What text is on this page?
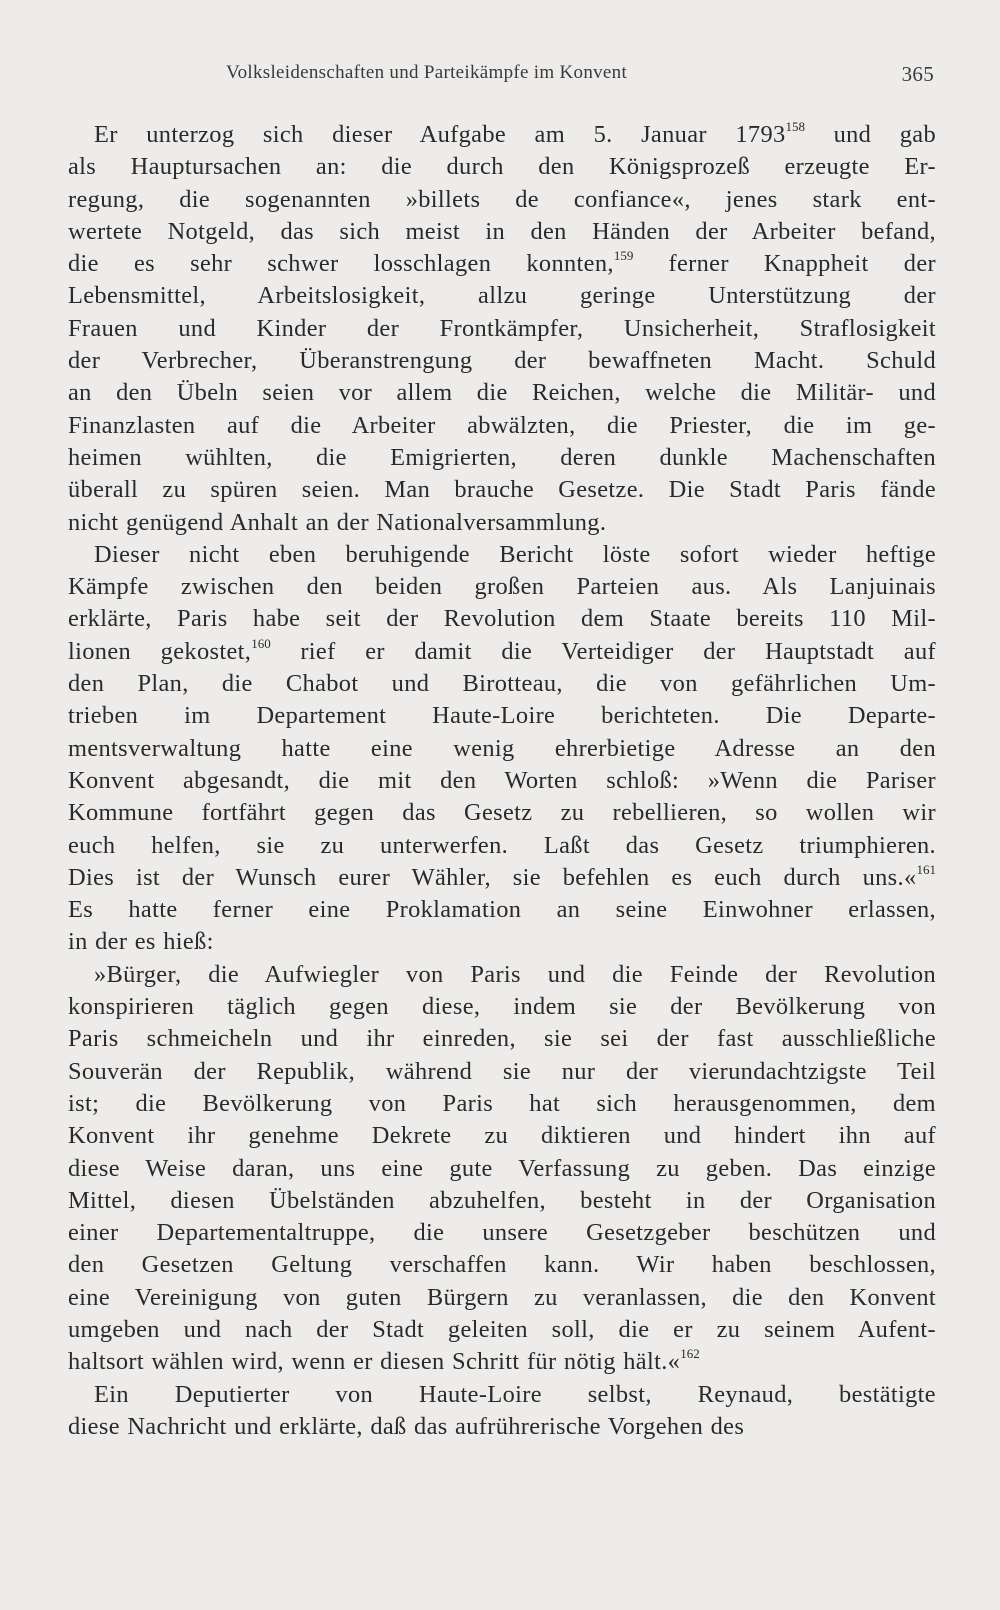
Volksleidenschaften und Parteikämpfe im Konvent	365
Er unterzog sich dieser Aufgabe am 5. Januar 1793$^{158}$ und gab
als Hauptursachen an: die durch den Königsprozeß erzeugte Er-
regung, die sogenannten »billets de confiance«, jenes stark ent-
wertete Notgeld, das sich meist in den Händen der Arbeiter befand,
die es sehr schwer losschlagen konnten,$^{159}$ ferner Knappheit der
Lebensmittel, Arbeitslosigkeit, allzu geringe Unterstützung der
Frauen und Kinder der Frontkämpfer, Unsicherheit, Straflosigkeit
der Verbrecher, Überanstrengung der bewaffneten Macht. Schuld
an den Übeln seien vor allem die Reichen, welche die Militär- und
Finanzlasten auf die Arbeiter abwälzten, die Priester, die im ge-
heimen wühlten, die Emigrierten, deren dunkle Machenschaften
überall zu spüren seien. Man brauche Gesetze. Die Stadt Paris fände
nicht genügend Anhalt an der Nationalversammlung.
Dieser nicht eben beruhigende Bericht löste sofort wieder heftige
Kämpfe zwischen den beiden großen Parteien aus. Als Lanjuinais
erklärte, Paris habe seit der Revolution dem Staate bereits 110 Mil-
lionen gekostet,$^{160}$ rief er damit die Verteidiger der Hauptstadt auf
den Plan, die Chabot und Birotteau, die von gefährlichen Um-
trieben im Departement Haute-Loire berichteten. Die Departe-
mentsverwaltung hatte eine wenig ehrerbietige Adresse an den
Konvent abgesandt, die mit den Worten schloß: »Wenn die Pariser
Kommune fortfährt gegen das Gesetz zu rebellieren, so wollen wir
euch helfen, sie zu unterwerfen. Laßt das Gesetz triumphieren.
Dies ist der Wunsch eurer Wähler, sie befehlen es euch durch uns.«$^{161}$
Es hatte ferner eine Proklamation an seine Einwohner erlassen,
in der es hieß:
»Bürger, die Aufwiegler von Paris und die Feinde der Revolution
konspirieren täglich gegen diese, indem sie der Bevölkerung von
Paris schmeicheln und ihr einreden, sie sei der fast ausschließliche
Souverän der Republik, während sie nur der vierundachtzigste Teil
ist; die Bevölkerung von Paris hat sich herausgenommen, dem
Konvent ihr genehme Dekrete zu diktieren und hindert ihn auf
diese Weise daran, uns eine gute Verfassung zu geben. Das einzige
Mittel, diesen Übelständen abzuhelfen, besteht in der Organisation
einer Departementaltruppe, die unsere Gesetzgeber beschützen und
den Gesetzen Geltung verschaffen kann. Wir haben beschlossen,
eine Vereinigung von guten Bürgern zu veranlassen, die den Konvent
umgeben und nach der Stadt geleiten soll, die er zu seinem Aufent-
haltsort wählen wird, wenn er diesen Schritt für nötig hält.«$^{162}$
Ein Deputierter von Haute-Loire selbst, Reynaud, bestätigte
diese Nachricht und erklärte, daß das aufrührerische Vorgehen des
